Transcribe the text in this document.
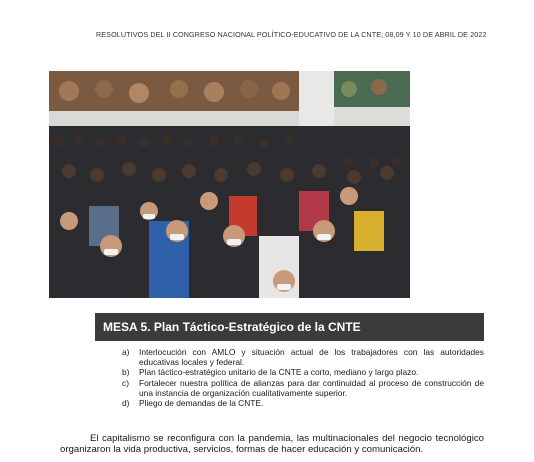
RESOLUTIVOS DEL II CONGRESO NACIONAL POLÍTICO-EDUCATIVO DE LA CNTE; 08,09 Y 10 DE ABRIL DE 2022
MESA 5. Plan Táctico-Estratégico de la CNTE
a)	Interlocución con AMLO y situación actual de los trabajadores con las autoridades educativas locales y federal.
b)	Plan táctico-estratégico unitario de la CNTE a corto, mediano y largo plazo.
c)	Fortalecer nuestra política de alianzas para dar continuidad al proceso de construcción de una instancia de organización cualitativamente superior.
d)	Pliego de demandas de la CNTE.

El capitalismo se reconfigura con la pandemia, las multinacionales del negocio tecnológico organizaron la vida productiva, servicios, formas de hacer educación y comunicación.
